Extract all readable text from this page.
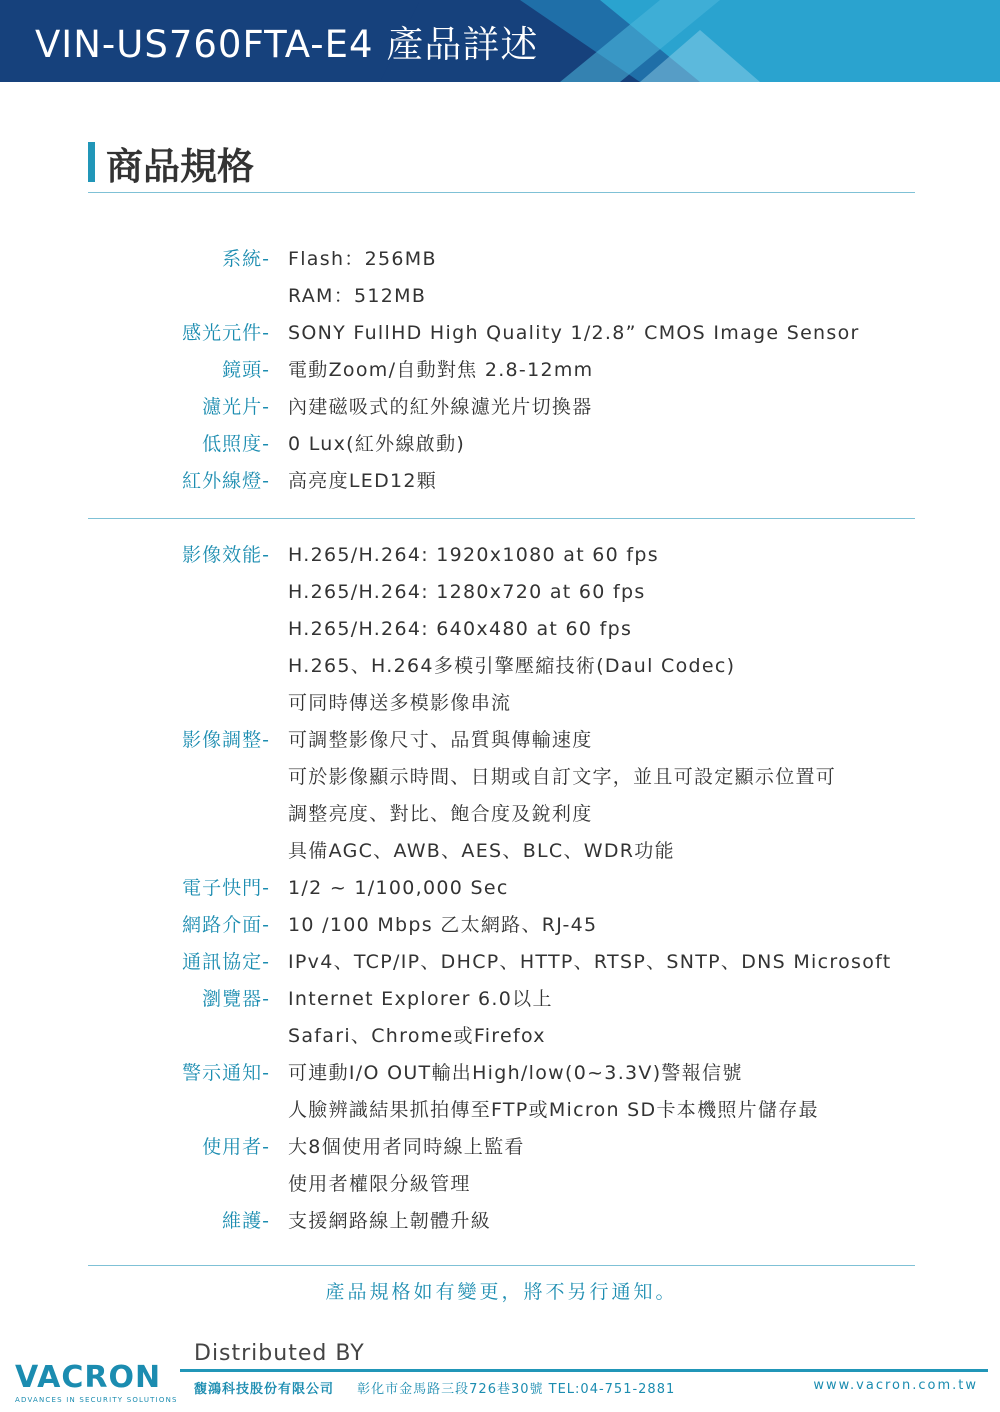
VIN-US760FTA-E4 產品詳述
商品規格
系統- Flash：256MB
RAM：512MB
感光元件- SONY FullHD High Quality 1/2.8” CMOS Image Sensor
鏡頭- 電動Zoom/自動對焦 2.8-12mm
濾光片- 內建磁吸式的紅外線濾光片切換器
低照度- 0 Lux(紅外線啟動)
紅外線燈- 高亮度LED12顆
影像效能- H.265/H.264: 1920x1080 at 60 fps
H.265/H.264: 1280x720 at 60 fps
H.265/H.264: 640x480 at 60 fps
H.265、H.264多模引擎壓縮技術(Daul Codec)
可同時傳送多模影像串流
影像調整- 可調整影像尺寸、品質與傳輸速度
可於影像顯示時間、日期或自訂文字，並且可設定顯示位置可
調整亮度、對比、飽合度及銳利度
具備AGC、AWB、AES、BLC、WDR功能
電子快門- 1/2 ~ 1/100,000 Sec
網路介面- 10 /100 Mbps 乙太網路、RJ-45
通訊協定- IPv4、TCP/IP、DHCP、HTTP、RTSP、SNTP、DNS Microsoft
瀏覽器- Internet Explorer 6.0以上
Safari、Chrome或Firefox
警示通知- 可連動I/O OUT輸出High/low(0~3.3V)警報信號
人臉辨識結果抓拍傳至FTP或Micron SD卡本機照片儲存最
使用者- 大8個使用者同時線上監看
使用者權限分級管理
維護- 支援網路線上韌體升級
產品規格如有變更，將不另行通知。
Distributed BY
VACRON
ADVANCES IN SECURITY SOLUTIONS
馥鴻科技股份有限公司 彰化市金馬路三段726巷30號 TEL:04-751-2881	www.vacron.com.tw
